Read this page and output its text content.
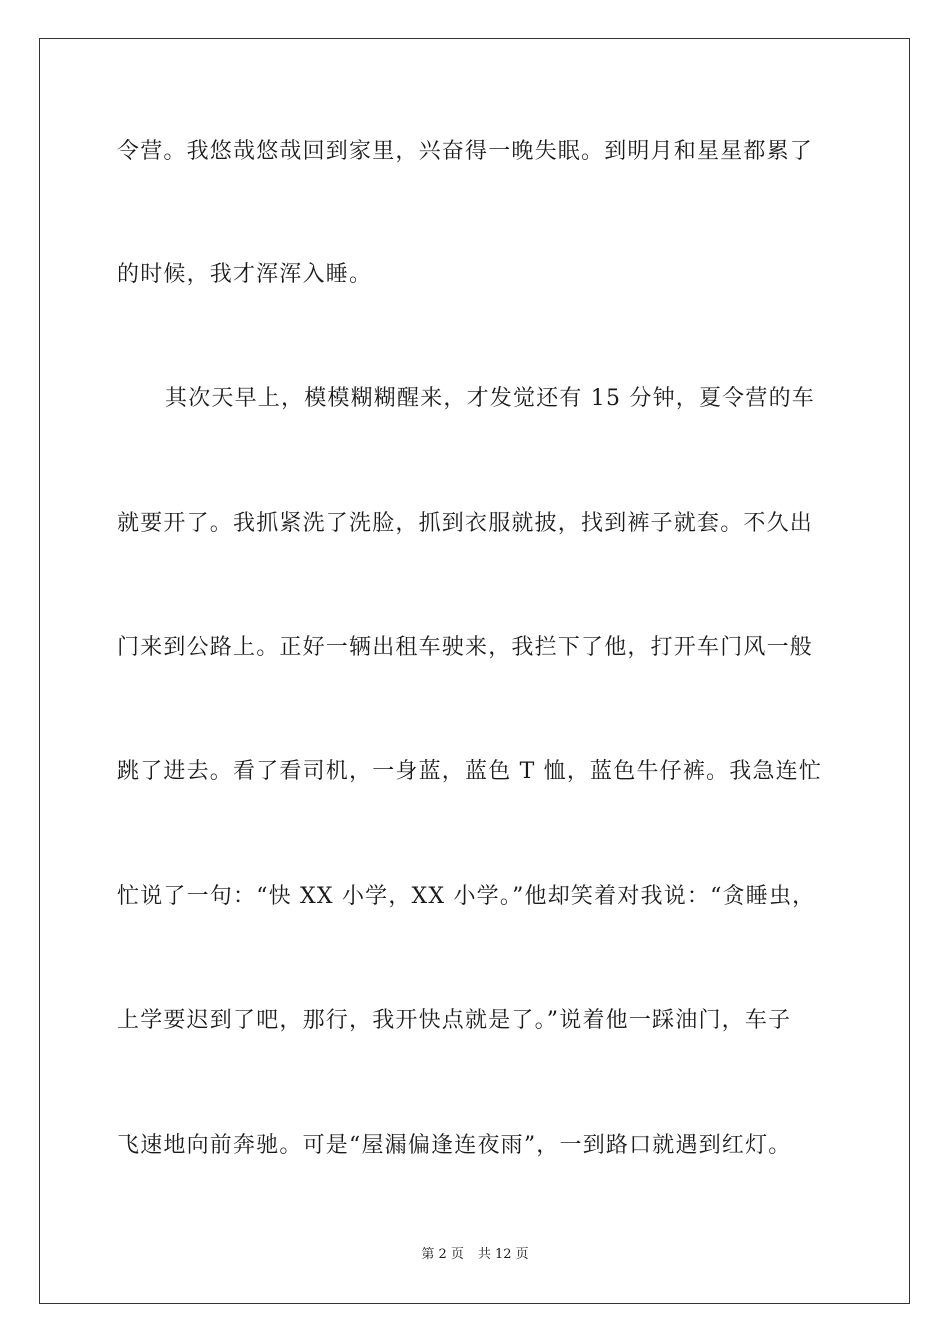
令营。我悠哉悠哉回到家里，兴奋得一晚失眠。到明月和星星都累了
的时候，我才浑浑入睡。
其次天早上，模模糊糊醒来，才发觉还有 15 分钟，夏令营的车
就要开了。我抓紧洗了洗脸，抓到衣服就披，找到裤子就套。不久出
门来到公路上。正好一辆出租车驶来，我拦下了他，打开车门风一般
跳了进去。看了看司机，一身蓝，蓝色 T 恤，蓝色牛仔裤。我急连忙
忙说了一句：“快 XX 小学，XX 小学。”他却笑着对我说：“贪睡虫，
上学要迟到了吧，那行，我开快点就是了。”说着他一踩油门，车子
飞速地向前奔驰。可是“屋漏偏逢连夜雨”，一到路口就遇到红灯。
第 2 页 共 12 页
